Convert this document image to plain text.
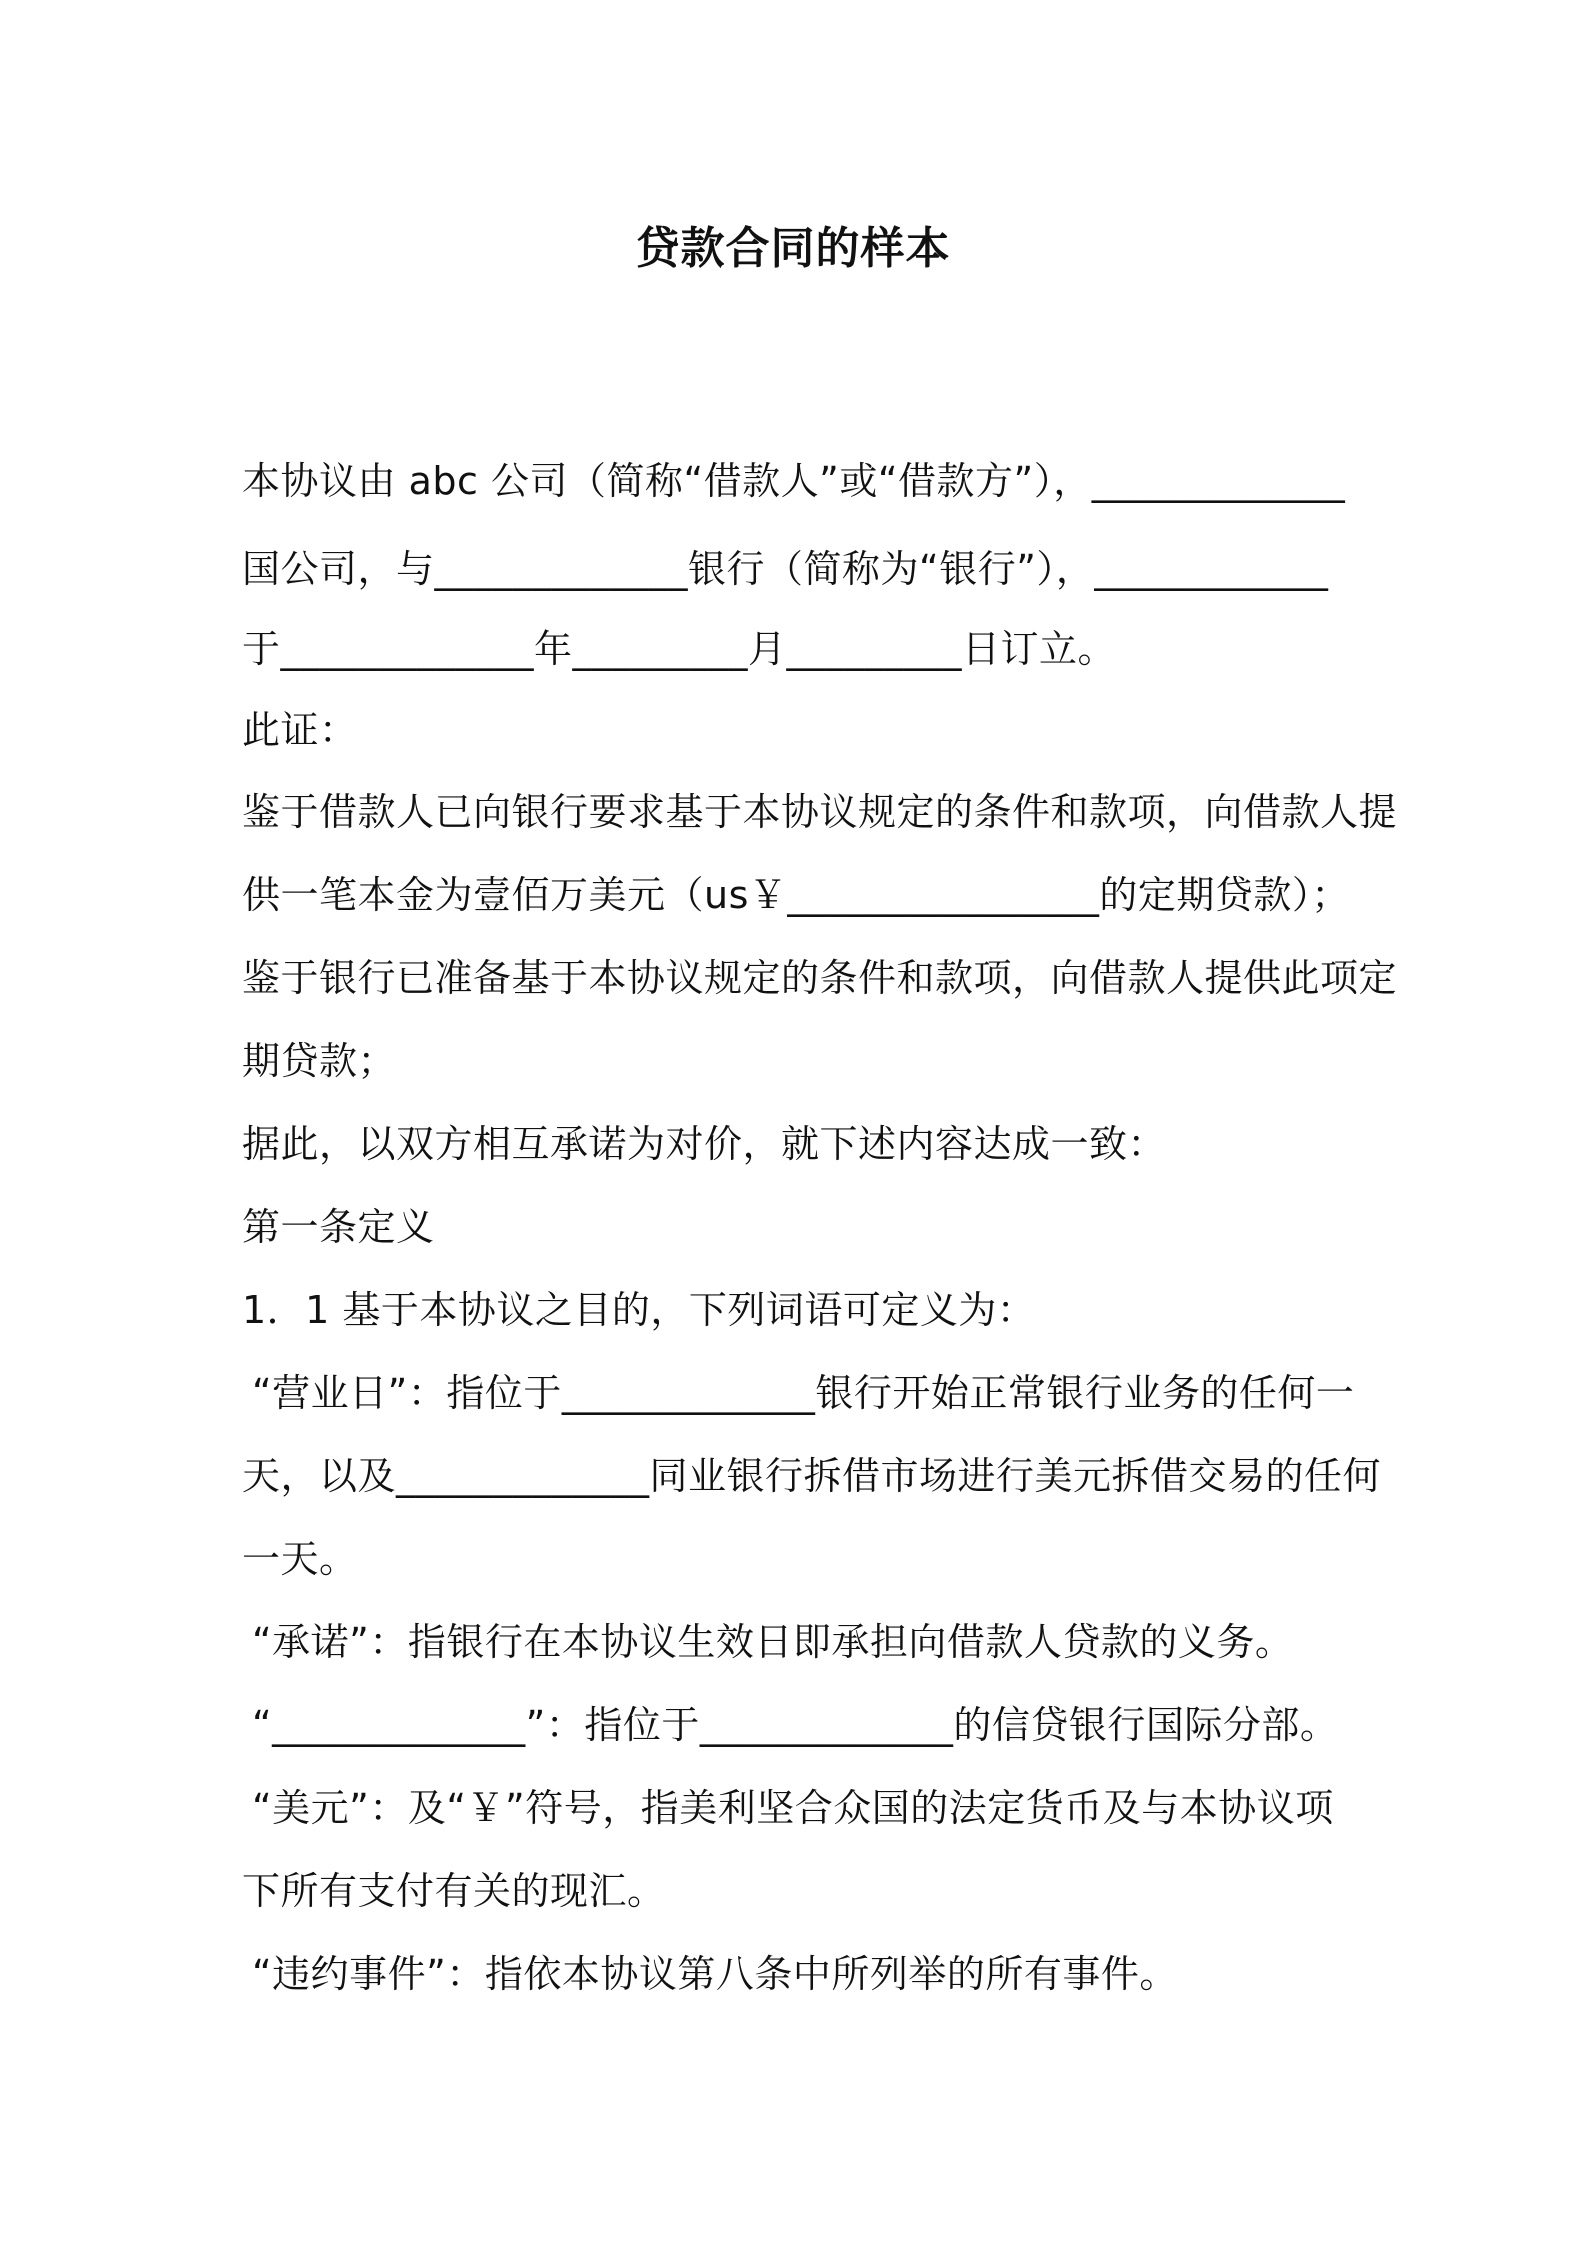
贷款合同的样本
本协议由 abc 公司（简称“借款人”或“借款方”），_____________
国公司，与_____________银行（简称为“银行”），____________
于_____________年_________月_________日订立。
此证：
鉴于借款人已向银行要求基于本协议规定的条件和款项，向借款人提
供一笔本金为壹佰万美元（us￥________________的定期贷款）；
鉴于银行已准备基于本协议规定的条件和款项，向借款人提供此项定
期贷款；
据此，以双方相互承诺为对价，就下述内容达成一致：
第一条定义
1．1 基于本协议之目的，下列词语可定义为：
“营业日”：指位于_____________银行开始正常银行业务的任何一
天，以及_____________同业银行拆借市场进行美元拆借交易的任何
一天。
“承诺”：指银行在本协议生效日即承担向借款人贷款的义务。
“_____________”：指位于_____________的信贷银行国际分部。
“美元”：及“￥”符号，指美利坚合众国的法定货币及与本协议项
下所有支付有关的现汇。
“违约事件”：指依本协议第八条中所列举的所有事件。
